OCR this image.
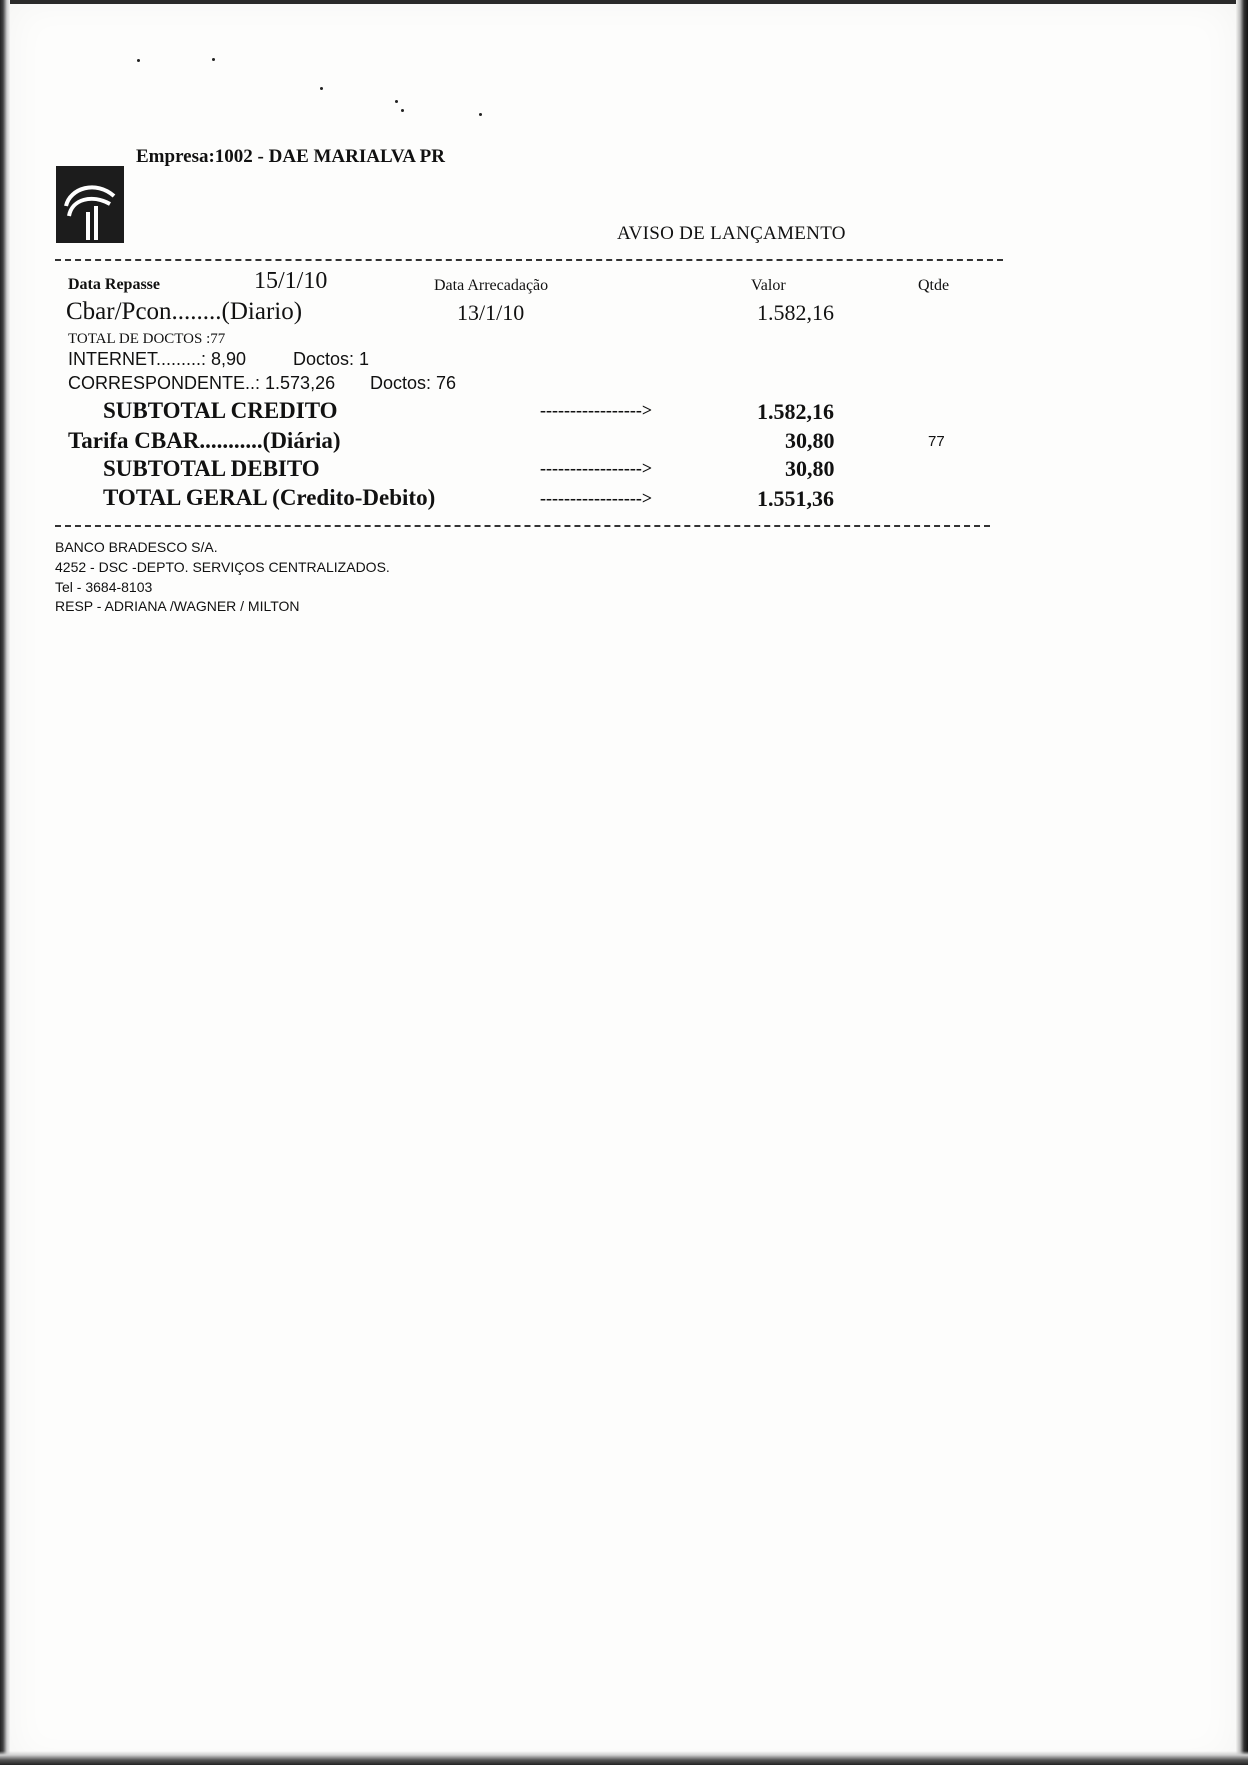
Empresa:1002 - DAE MARIALVA PR
AVISO DE LANÇAMENTO
Data Repasse	15/1/10	Data Arrecadação	Valor	Qtde
Cbar/Pcon........(Diario)	13/1/10	1.582,16
TOTAL DE DOCTOS :77
INTERNET.........: 8,90	Doctos: 1
CORRESPONDENTE..: 1.573,26 Doctos: 76
SUBTOTAL CREDITO	----------------->	1.582,16
Tarifa CBAR...........(Diária)	30,80	77
SUBTOTAL DEBITO	----------------->	30,80
TOTAL GERAL (Credito-Debito)	----------------->	1.551,36
BANCO BRADESCO S/A.
4252 - DSC -DEPTO. SERVIÇOS CENTRALIZADOS.
Tel - 3684-8103
RESP - ADRIANA /WAGNER / MILTON
